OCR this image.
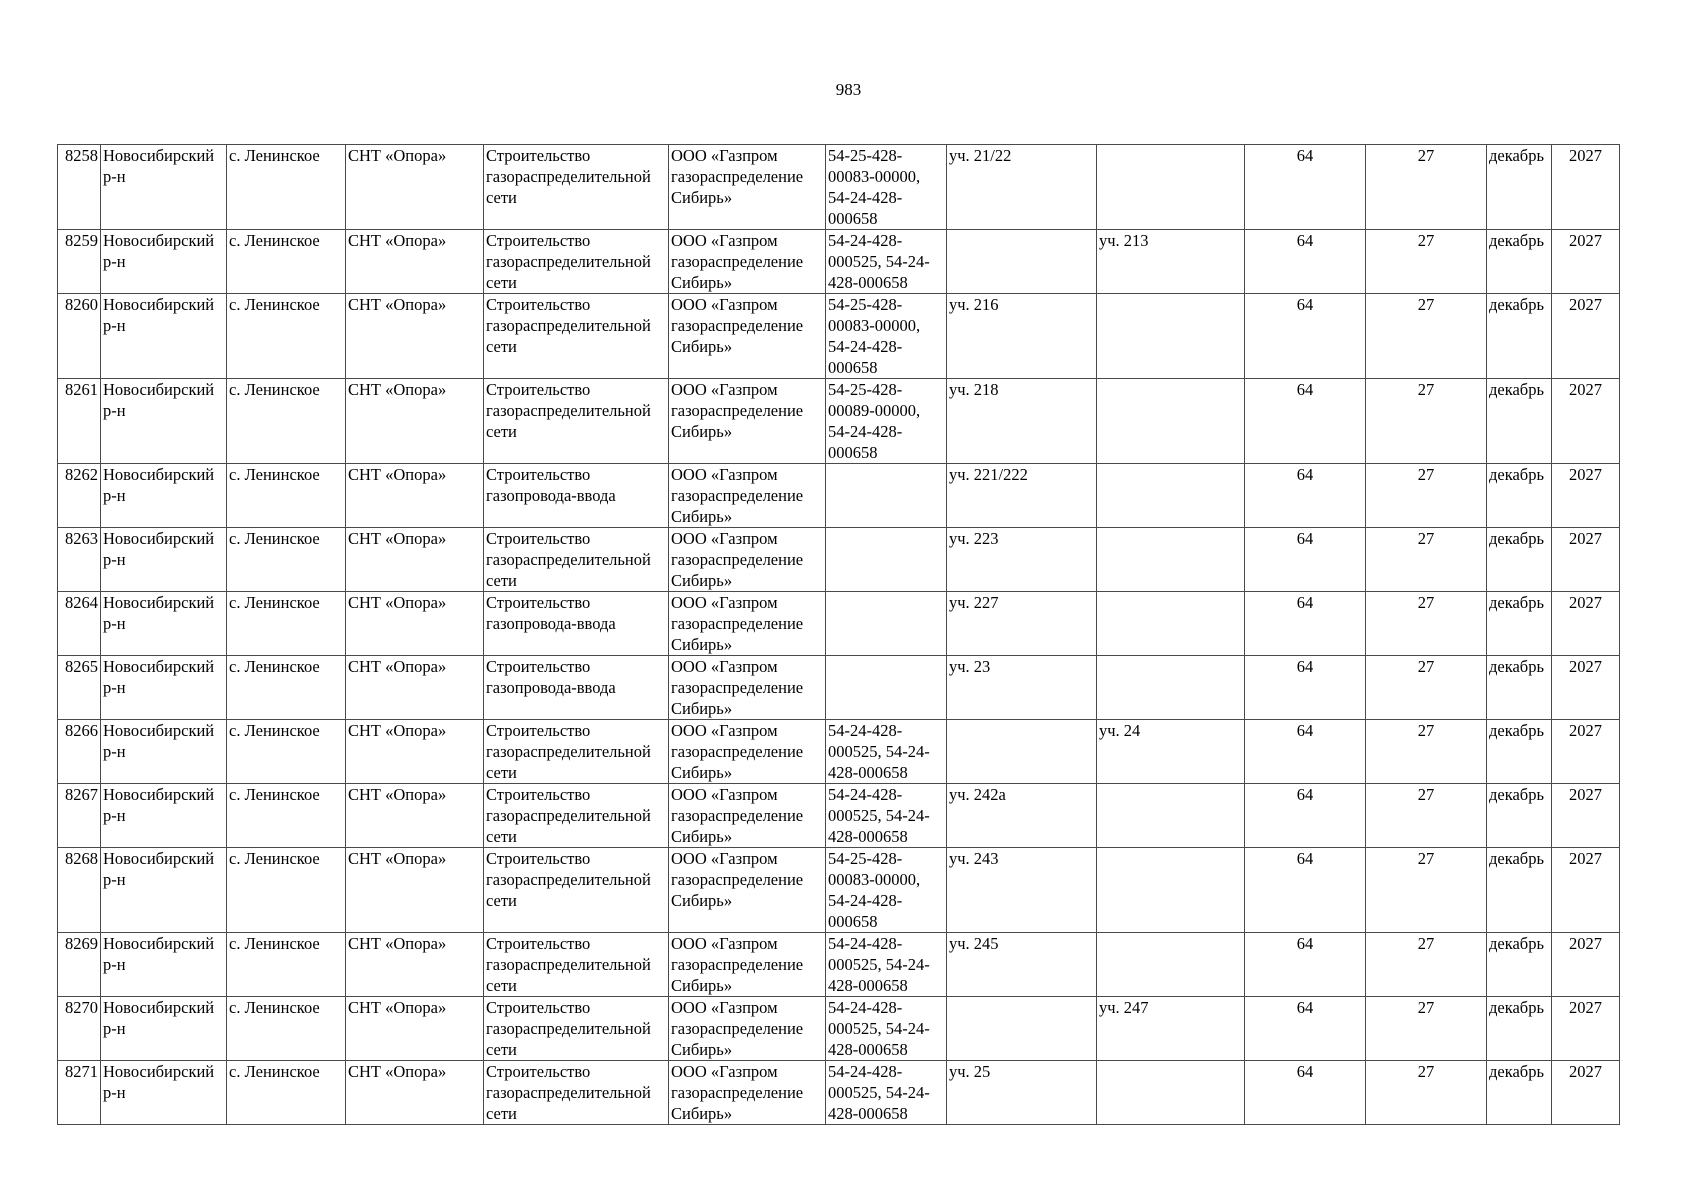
983
8258	Новосибирский р-н	с. Ленинское	СНТ «Опора»	Строительство газораспределительной сети	ООО «Газпром газораспределение Сибирь»	54-25-428-00083-00000, 54-24-428-000658	уч. 21/22		64	27	декабрь	2027
8259	Новосибирский р-н	с. Ленинское	СНТ «Опора»	Строительство газораспределительной сети	ООО «Газпром газораспределение Сибирь»	54-24-428-000525, 54-24-428-000658		уч. 213	64	27	декабрь	2027
8260	Новосибирский р-н	с. Ленинское	СНТ «Опора»	Строительство газораспределительной сети	ООО «Газпром газораспределение Сибирь»	54-25-428-00083-00000, 54-24-428-000658	уч. 216		64	27	декабрь	2027
8261	Новосибирский р-н	с. Ленинское	СНТ «Опора»	Строительство газораспределительной сети	ООО «Газпром газораспределение Сибирь»	54-25-428-00089-00000, 54-24-428-000658	уч. 218		64	27	декабрь	2027
8262	Новосибирский р-н	с. Ленинское	СНТ «Опора»	Строительство газопровода-ввода	ООО «Газпром газораспределение Сибирь»		уч. 221/222		64	27	декабрь	2027
8263	Новосибирский р-н	с. Ленинское	СНТ «Опора»	Строительство газораспределительной сети	ООО «Газпром газораспределение Сибирь»		уч. 223		64	27	декабрь	2027
8264	Новосибирский р-н	с. Ленинское	СНТ «Опора»	Строительство газопровода-ввода	ООО «Газпром газораспределение Сибирь»		уч. 227		64	27	декабрь	2027
8265	Новосибирский р-н	с. Ленинское	СНТ «Опора»	Строительство газопровода-ввода	ООО «Газпром газораспределение Сибирь»		уч. 23		64	27	декабрь	2027
8266	Новосибирский р-н	с. Ленинское	СНТ «Опора»	Строительство газораспределительной сети	ООО «Газпром газораспределение Сибирь»	54-24-428-000525, 54-24-428-000658		уч. 24	64	27	декабрь	2027
8267	Новосибирский р-н	с. Ленинское	СНТ «Опора»	Строительство газораспределительной сети	ООО «Газпром газораспределение Сибирь»	54-24-428-000525, 54-24-428-000658	уч. 242а		64	27	декабрь	2027
8268	Новосибирский р-н	с. Ленинское	СНТ «Опора»	Строительство газораспределительной сети	ООО «Газпром газораспределение Сибирь»	54-25-428-00083-00000, 54-24-428-000658	уч. 243		64	27	декабрь	2027
8269	Новосибирский р-н	с. Ленинское	СНТ «Опора»	Строительство газораспределительной сети	ООО «Газпром газораспределение Сибирь»	54-24-428-000525, 54-24-428-000658	уч. 245		64	27	декабрь	2027
8270	Новосибирский р-н	с. Ленинское	СНТ «Опора»	Строительство газораспределительной сети	ООО «Газпром газораспределение Сибирь»	54-24-428-000525, 54-24-428-000658		уч. 247	64	27	декабрь	2027
8271	Новосибирский р-н	с. Ленинское	СНТ «Опора»	Строительство газораспределительной сети	ООО «Газпром газораспределение Сибирь»	54-24-428-000525, 54-24-428-000658	уч. 25		64	27	декабрь	2027
